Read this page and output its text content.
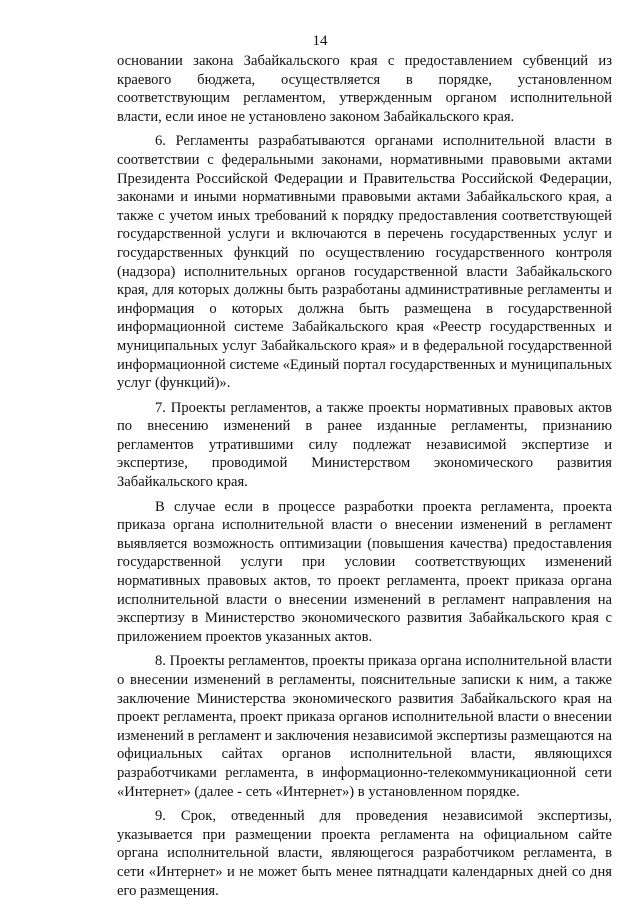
14

основании закона Забайкальского края с предоставлением субвенций из краевого бюджета, осуществляется в порядке, установленном соответствующим регламентом, утвержденным органом исполнительной власти, если иное не установлено законом Забайкальского края.

6. Регламенты разрабатываются органами исполнительной власти в соответствии с федеральными законами, нормативными правовыми актами Президента Российской Федерации и Правительства Российской Федерации, законами и иными нормативными правовыми актами Забайкальского края, а также с учетом иных требований к порядку предоставления соответствующей государственной услуги и включаются в перечень государственных услуг и государственных функций по осуществлению государственного контроля (надзора) исполнительных органов государственной власти Забайкальского края, для которых должны быть разработаны административные регламенты и информация о которых должна быть размещена в государственной информационной системе Забайкальского края «Реестр государственных и муниципальных услуг Забайкальского края» и в федеральной государственной информационной системе «Единый портал государственных и муниципальных услуг (функций)».

7. Проекты регламентов, а также проекты нормативных правовых актов по внесению изменений в ранее изданные регламенты, признанию регламентов утратившими силу подлежат независимой экспертизе и экспертизе, проводимой Министерством экономического развития Забайкальского края.

В случае если в процессе разработки проекта регламента, проекта приказа органа исполнительной власти о внесении изменений в регламент выявляется возможность оптимизации (повышения качества) предоставления государственной услуги при условии соответствующих изменений нормативных правовых актов, то проект регламента, проект приказа органа исполнительной власти о внесении изменений в регламент направления на экспертизу в Министерство экономического развития Забайкальского края с приложением проектов указанных актов.

8. Проекты регламентов, проекты приказа органа исполнительной власти о внесении изменений в регламенты, пояснительные записки к ним, а также заключение Министерства экономического развития Забайкальского края на проект регламента, проект приказа органов исполнительной власти о внесении изменений в регламент и заключения независимой экспертизы размещаются на официальных сайтах органов исполнительной власти, являющихся разработчиками регламента, в информационно-телекоммуникационной сети «Интернет» (далее - сеть «Интернет») в установленном порядке.

9. Срок, отведенный для проведения независимой экспертизы, указывается при размещении проекта регламента на официальном сайте органа исполнительной власти, являющегося разработчиком регламента, в сети «Интернет» и не может быть менее пятнадцати календарных дней со дня его размещения.
